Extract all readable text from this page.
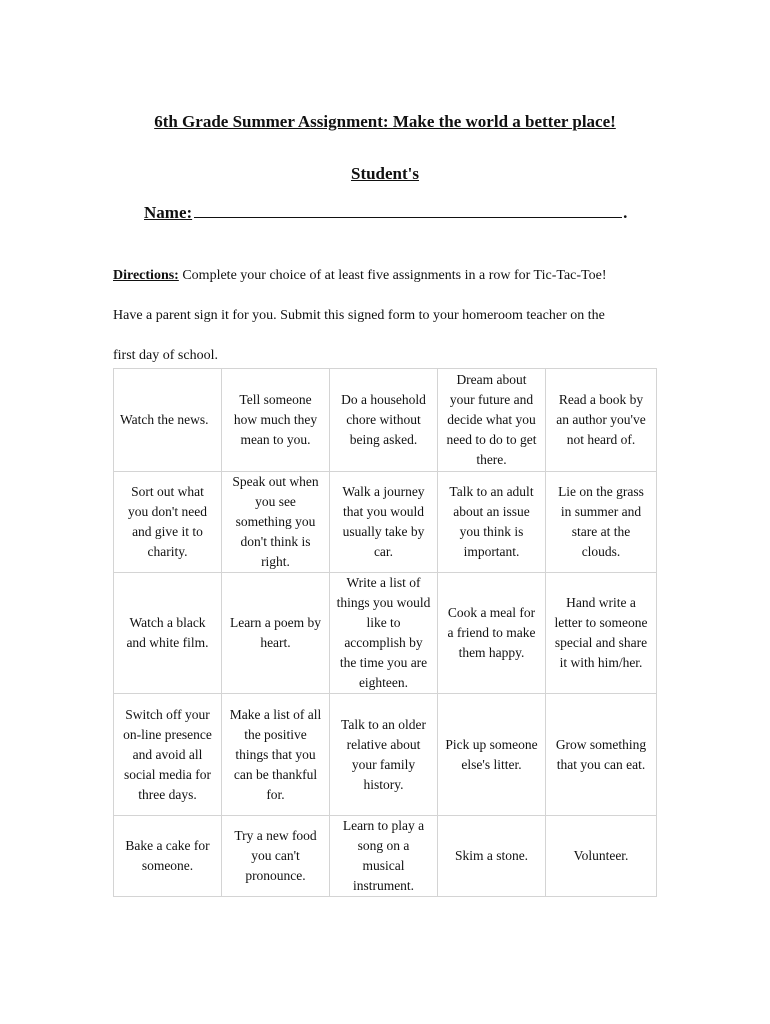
6th Grade Summer Assignment: Make the world a better place!

Student's

Name:	.
Directions: Complete your choice of at least five assignments in a row for Tic-Tac-Toe!
Have a parent sign it for you. Submit this signed form to your homeroom teacher on the
first day of school.
Watch the news.	Tell someone how much they mean to you.	Do a household chore without being asked.	Dream about your future and decide what you need to do to get there.	Read a book by an author you've not heard of.
Sort out what you don't need and give it to charity.	Speak out when you see something you don't think is right.	Walk a journey that you would usually take by car.	Talk to an adult about an issue you think is important.	Lie on the grass in summer and stare at the clouds.
Watch a black and white film.	Learn a poem by heart.	Write a list of things you would like to accomplish by the time you are eighteen.	Cook a meal for a friend to make them happy.	Hand write a letter to someone special and share it with him/her.
Switch off your on-line presence and avoid all social media for three days.	Make a list of all the positive things that you can be thankful for.	Talk to an older relative about your family history.	Pick up someone else's litter.	Grow something that you can eat.
Bake a cake for someone.	Try a new food you can't pronounce.	Learn to play a song on a musical instrument.	Skim a stone.	Volunteer.
